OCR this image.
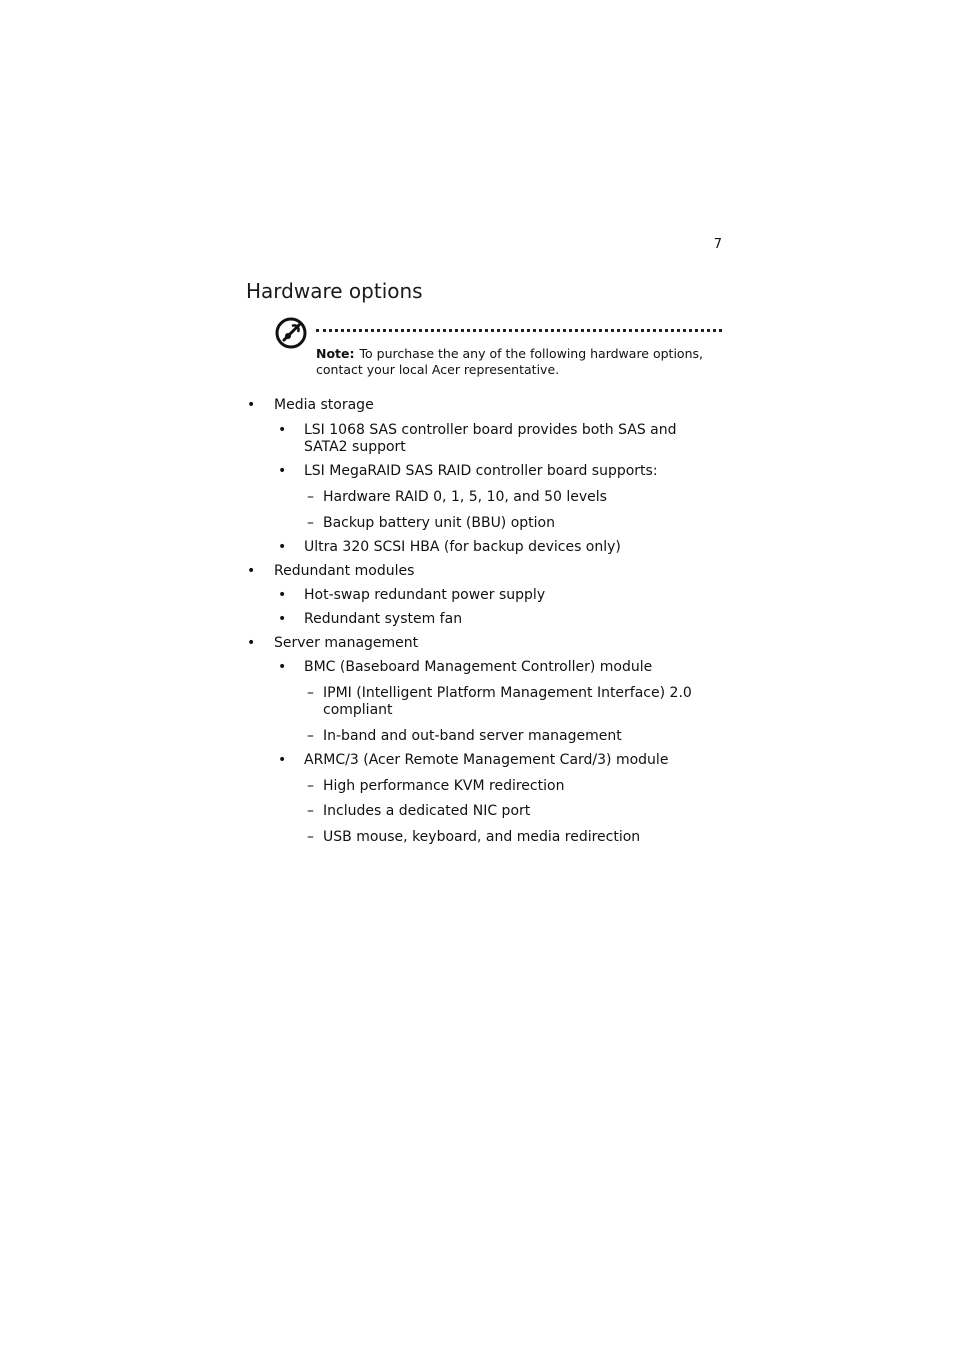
7
Hardware options
Note: To purchase the any of the following hardware options, contact your local Acer representative.
• Media storage
• LSI 1068 SAS controller board provides both SAS and SATA2 support
• LSI MegaRAID SAS RAID controller board supports:
– Hardware RAID 0, 1, 5, 10, and 50 levels
– Backup battery unit (BBU) option
• Ultra 320 SCSI HBA (for backup devices only)
• Redundant modules
• Hot-swap redundant power supply
• Redundant system fan
• Server management
• BMC (Baseboard Management Controller) module
– IPMI (Intelligent Platform Management Interface) 2.0 compliant
– In-band and out-band server management
• ARMC/3 (Acer Remote Management Card/3) module
– High performance KVM redirection
– Includes a dedicated NIC port
– USB mouse, keyboard, and media redirection
